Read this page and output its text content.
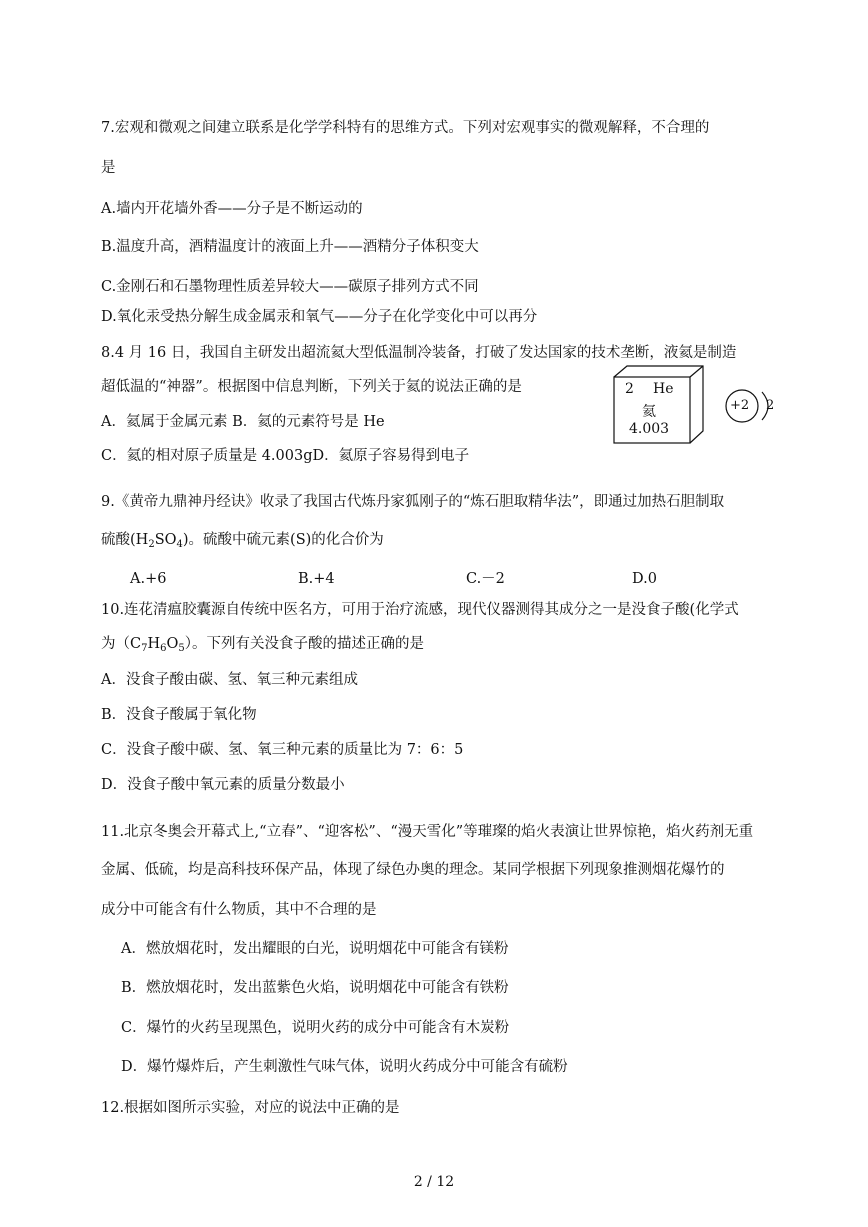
7.宏观和微观之间建立联系是化学学科特有的思维方式。下列对宏观事实的微观解释，不合理的
是
A.墙内开花墙外香——分子是不断运动的
B.温度升高，酒精温度计的液面上升——酒精分子体积变大
C.金刚石和石墨物理性质差异较大——碳原子排列方式不同
D.氧化汞受热分解生成金属汞和氧气——分子在化学变化中可以再分
8.4 月 16 日，我国自主研发出超流氦大型低温制冷装备，打破了发达国家的技术垄断，液氦是制造
超低温的“神器”。根据图中信息判断，下列关于氦的说法正确的是
A．氦属于金属元素 B．氦的元素符号是 He
C．氦的相对原子质量是 4.003gD．氦原子容易得到电子
2 He
氦
4.003
+2 2
9.《黄帝九鼎神丹经诀》收录了我国古代炼丹家狐刚子的“炼石胆取精华法”，即通过加热石胆制取
硫酸$(H_2SO_4)$。硫酸中硫元素(S)的化合价为
A.+6	B.+4	C.－2	D.0
10.连花清瘟胶囊源自传统中医名方，可用于治疗流感，现代仪器测得其成分之一是没食子酸(化学式
为$(C_7H_6O_5)$。下列有关没食子酸的描述正确的是
A．没食子酸由碳、氢、氧三种元素组成
B．没食子酸属于氧化物
C．没食子酸中碳、氢、氧三种元素的质量比为 7：6：5
D．没食子酸中氧元素的质量分数最小
11.北京冬奥会开幕式上,“立春”、“迎客松”、“漫天雪化”等璀璨的焰火表演让世界惊艳，焰火药剂无重
金属、低硫，均是高科技环保产品，体现了绿色办奥的理念。某同学根据下列现象推测烟花爆竹的
成分中可能含有什么物质，其中不合理的是
A．燃放烟花时，发出耀眼的白光，说明烟花中可能含有镁粉
B．燃放烟花时，发出蓝紫色火焰，说明烟花中可能含有铁粉
C．爆竹的火药呈现黑色，说明火药的成分中可能含有木炭粉
D．爆竹爆炸后，产生刺激性气味气体，说明火药成分中可能含有硫粉
12.根据如图所示实验，对应的说法中正确的是
2 / 12
